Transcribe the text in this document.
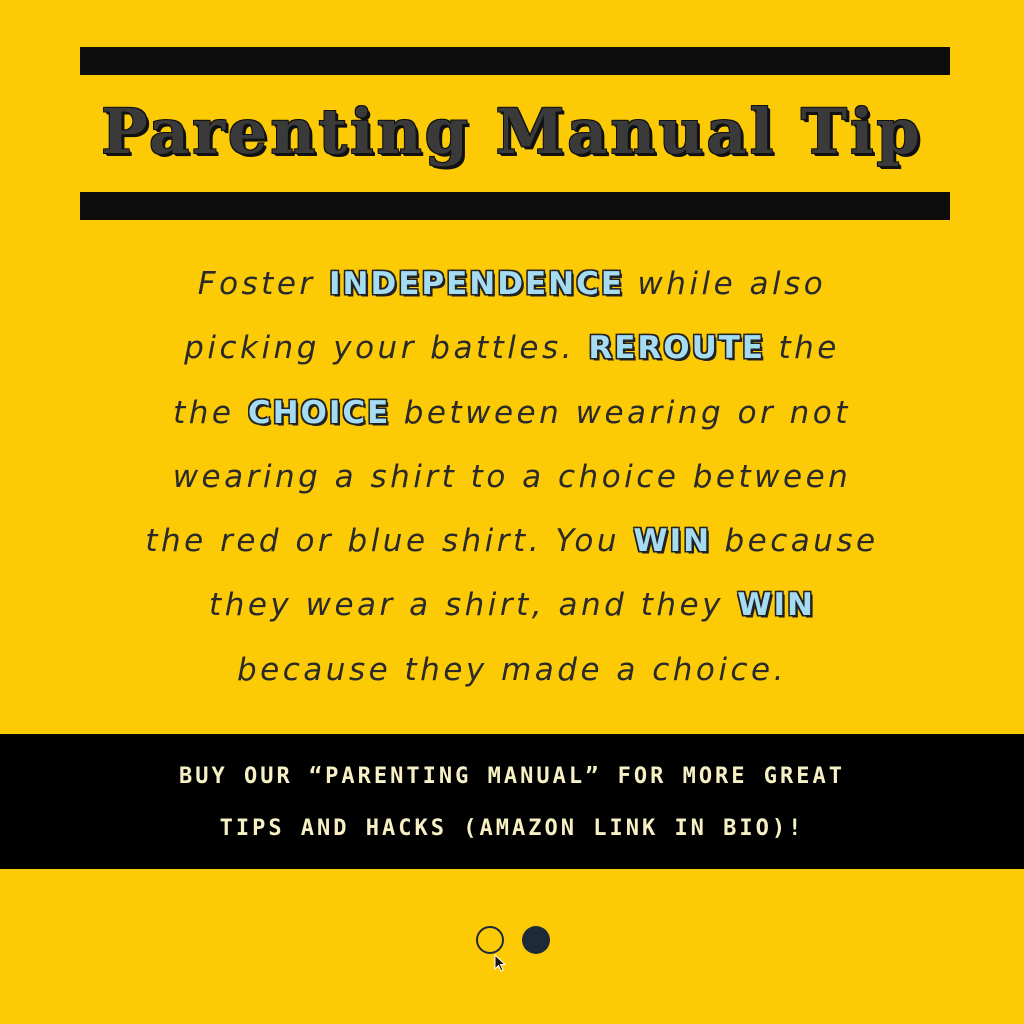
Parenting Manual Tip
Foster INDEPENDENCE while also
picking your battles. REROUTE the
the CHOICE between wearing or not
wearing a shirt to a choice between
the red or blue shirt. You WIN because
they wear a shirt, and they WIN
because they made a choice.
BUY OUR “PARENTING MANUAL” FOR MORE GREAT
TIPS AND HACKS (AMAZON LINK IN BIO)!
